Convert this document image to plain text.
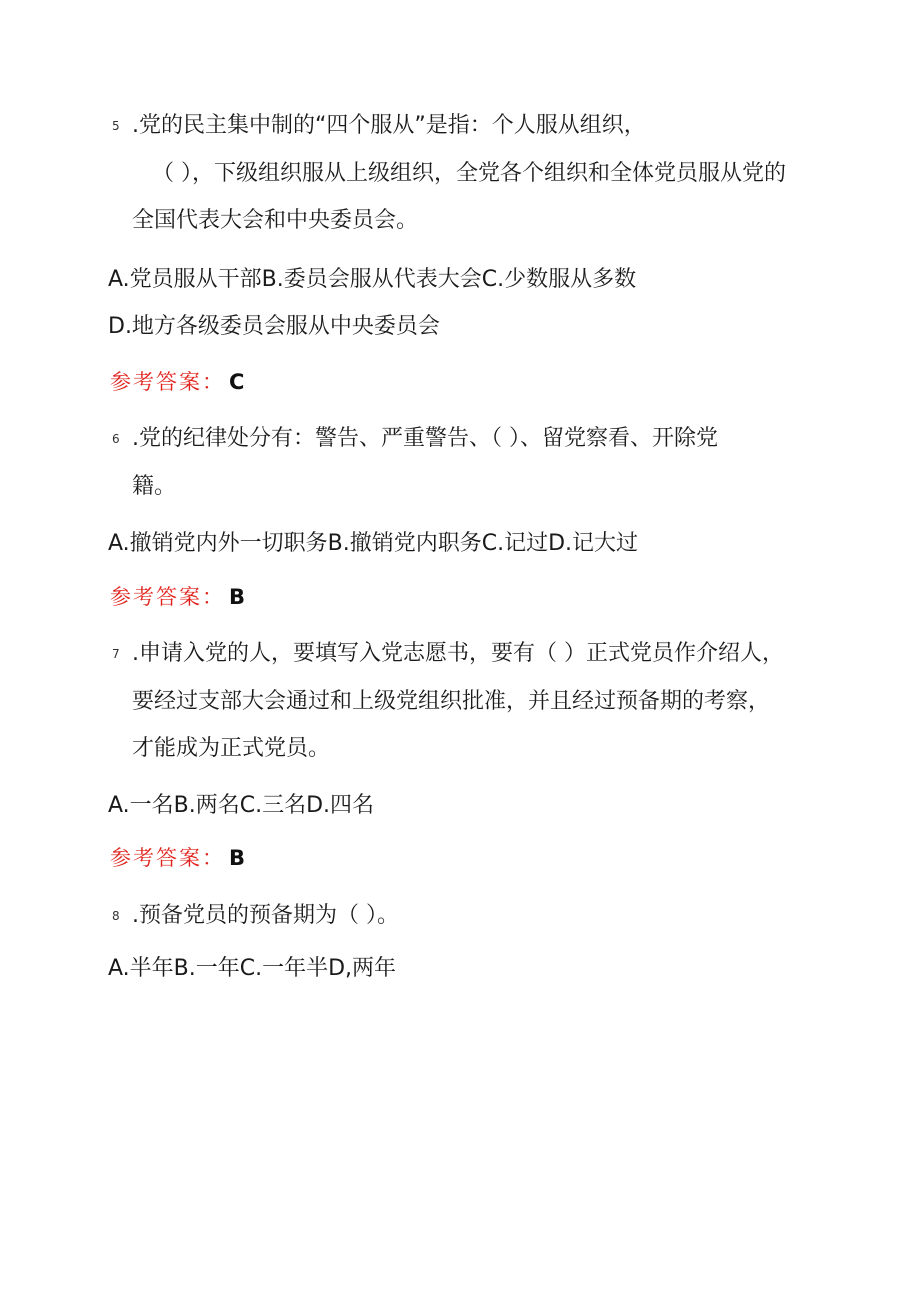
5 .党的民主集中制的“四个服从”是指：个人服从组织，
（ ），下级组织服从上级组织，全党各个组织和全体党员服从党的
全国代表大会和中央委员会。
A.党员服从干部B.委员会服从代表大会C.少数服从多数
D.地方各级委员会服从中央委员会
参考答案： C
6 .党的纪律处分有：警告、严重警告、（ ）、留党察看、开除党
籍。
A.撤销党内外一切职务B.撤销党内职务C.记过D.记大过
参考答案： B
7 .申请入党的人，要填写入党志愿书，要有（ ）正式党员作介绍人，
要经过支部大会通过和上级党组织批准，并且经过预备期的考察，
才能成为正式党员。
A.一名B.两名C.三名D.四名
参考答案： B
8 .预备党员的预备期为（ ）。
A.半年B.一年C.一年半D,两年
